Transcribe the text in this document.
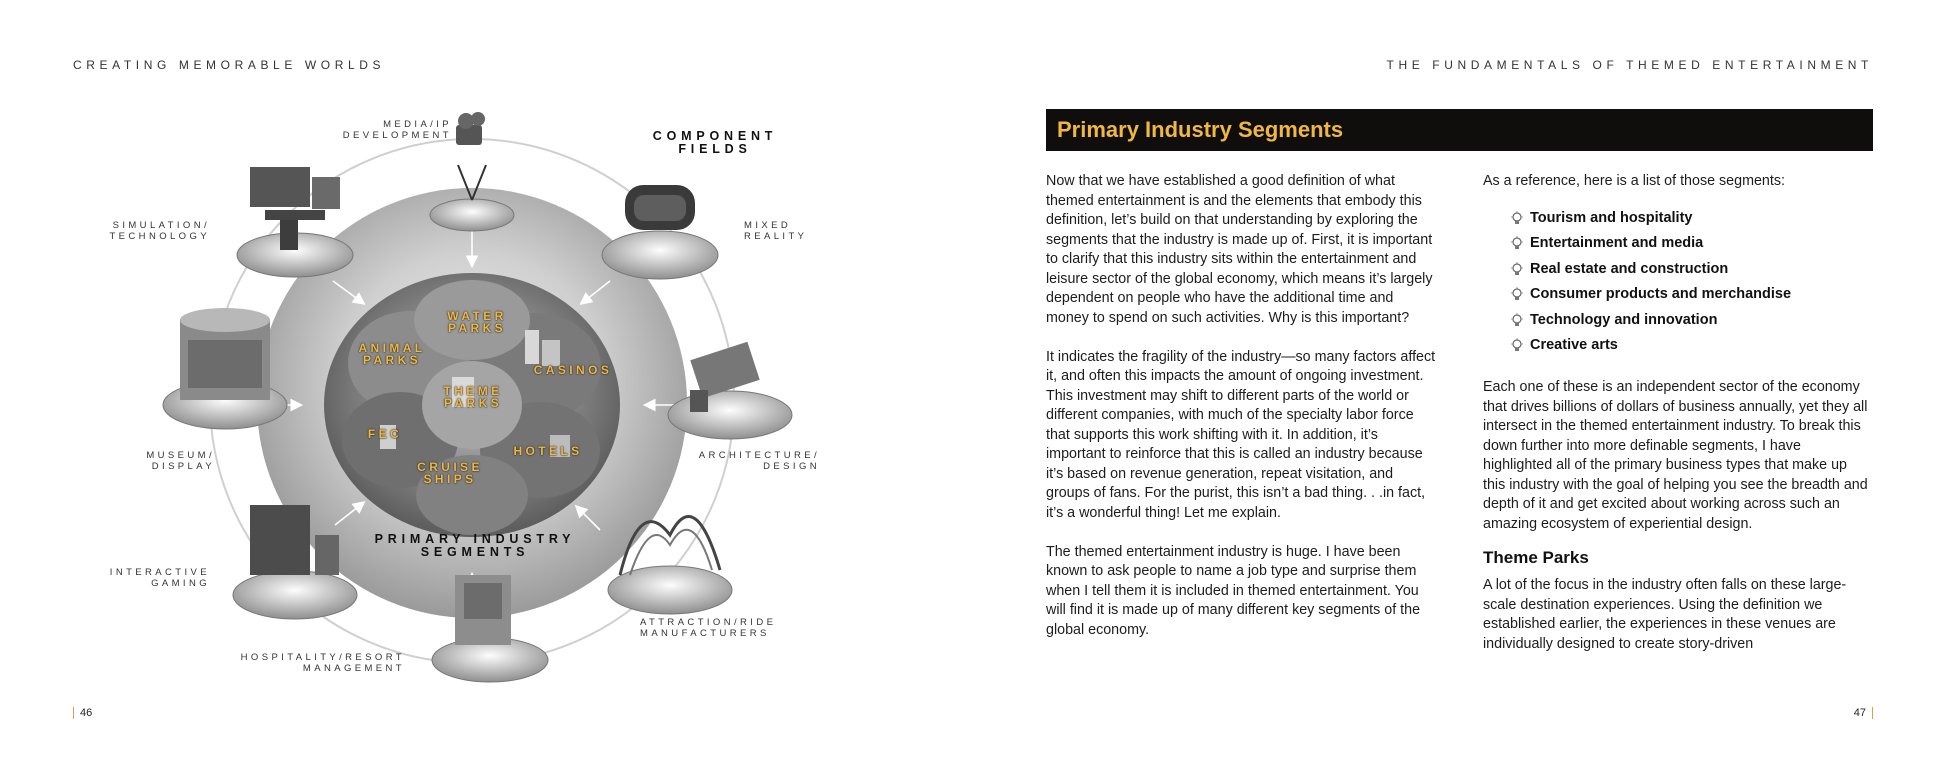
CREATING MEMORABLE WORLDS
COMPONENT
FIELDS
PRIMARY INDUSTRY
SEGMENTS
MEDIA/IP
DEVELOPMENT
SIMULATION/
TECHNOLOGY
MIXED
REALITY
MUSEUM/
DISPLAY
ARCHITECTURE/
DESIGN
INTERACTIVE
GAMING
ATTRACTION/RIDE
MANUFACTURERS
HOSPITALITY/RESORT
MANAGEMENT
WATER
PARKS
ANIMAL
PARKS
CASINOS
THEME
PARKS
FEC
HOTELS
CRUISE
SHIPS
46
THE FUNDAMENTALS OF THEMED ENTERTAINMENT
Primary Industry Segments

Now that we have established a good definition of what themed entertainment is and the elements that embody this definition, let’s build on that understanding by exploring the segments that the industry is made up of. First, it is important to clarify that this industry sits within the entertainment and leisure sector of the global economy, which means it’s largely dependent on people who have the additional time and money to spend on such activities. Why is this important?

It indicates the fragility of the industry—so many factors affect it, and often this impacts the amount of ongoing investment. This investment may shift to different parts of the world or different companies, with much of the specialty labor force that supports this work shifting with it. In addition, it’s important to reinforce that this is called an industry because it’s based on revenue generation, repeat visitation, and groups of fans. For the purist, this isn’t a bad thing. . .in fact, it’s a wonderful thing! Let me explain.

The themed entertainment industry is huge. I have been known to ask people to name a job type and surprise them when I tell them it is included in themed entertainment. You will find it is made up of many different key segments of the global economy.

As a reference, here is a list of those segments:

Tourism and hospitality
Entertainment and media
Real estate and construction
Consumer products and merchandise
Technology and innovation
Creative arts

Each one of these is an independent sector of the economy that drives billions of dollars of business annually, yet they all intersect in the themed entertainment industry. To break this down further into more definable segments, I have highlighted all of the primary business types that make up this industry with the goal of helping you see the breadth and depth of it and get excited about working across such an amazing ecosystem of experiential design.

Theme Parks

A lot of the focus in the industry often falls on these large-scale destination experiences. Using the definition we established earlier, the experiences in these venues are individually designed to create story-driven

47
